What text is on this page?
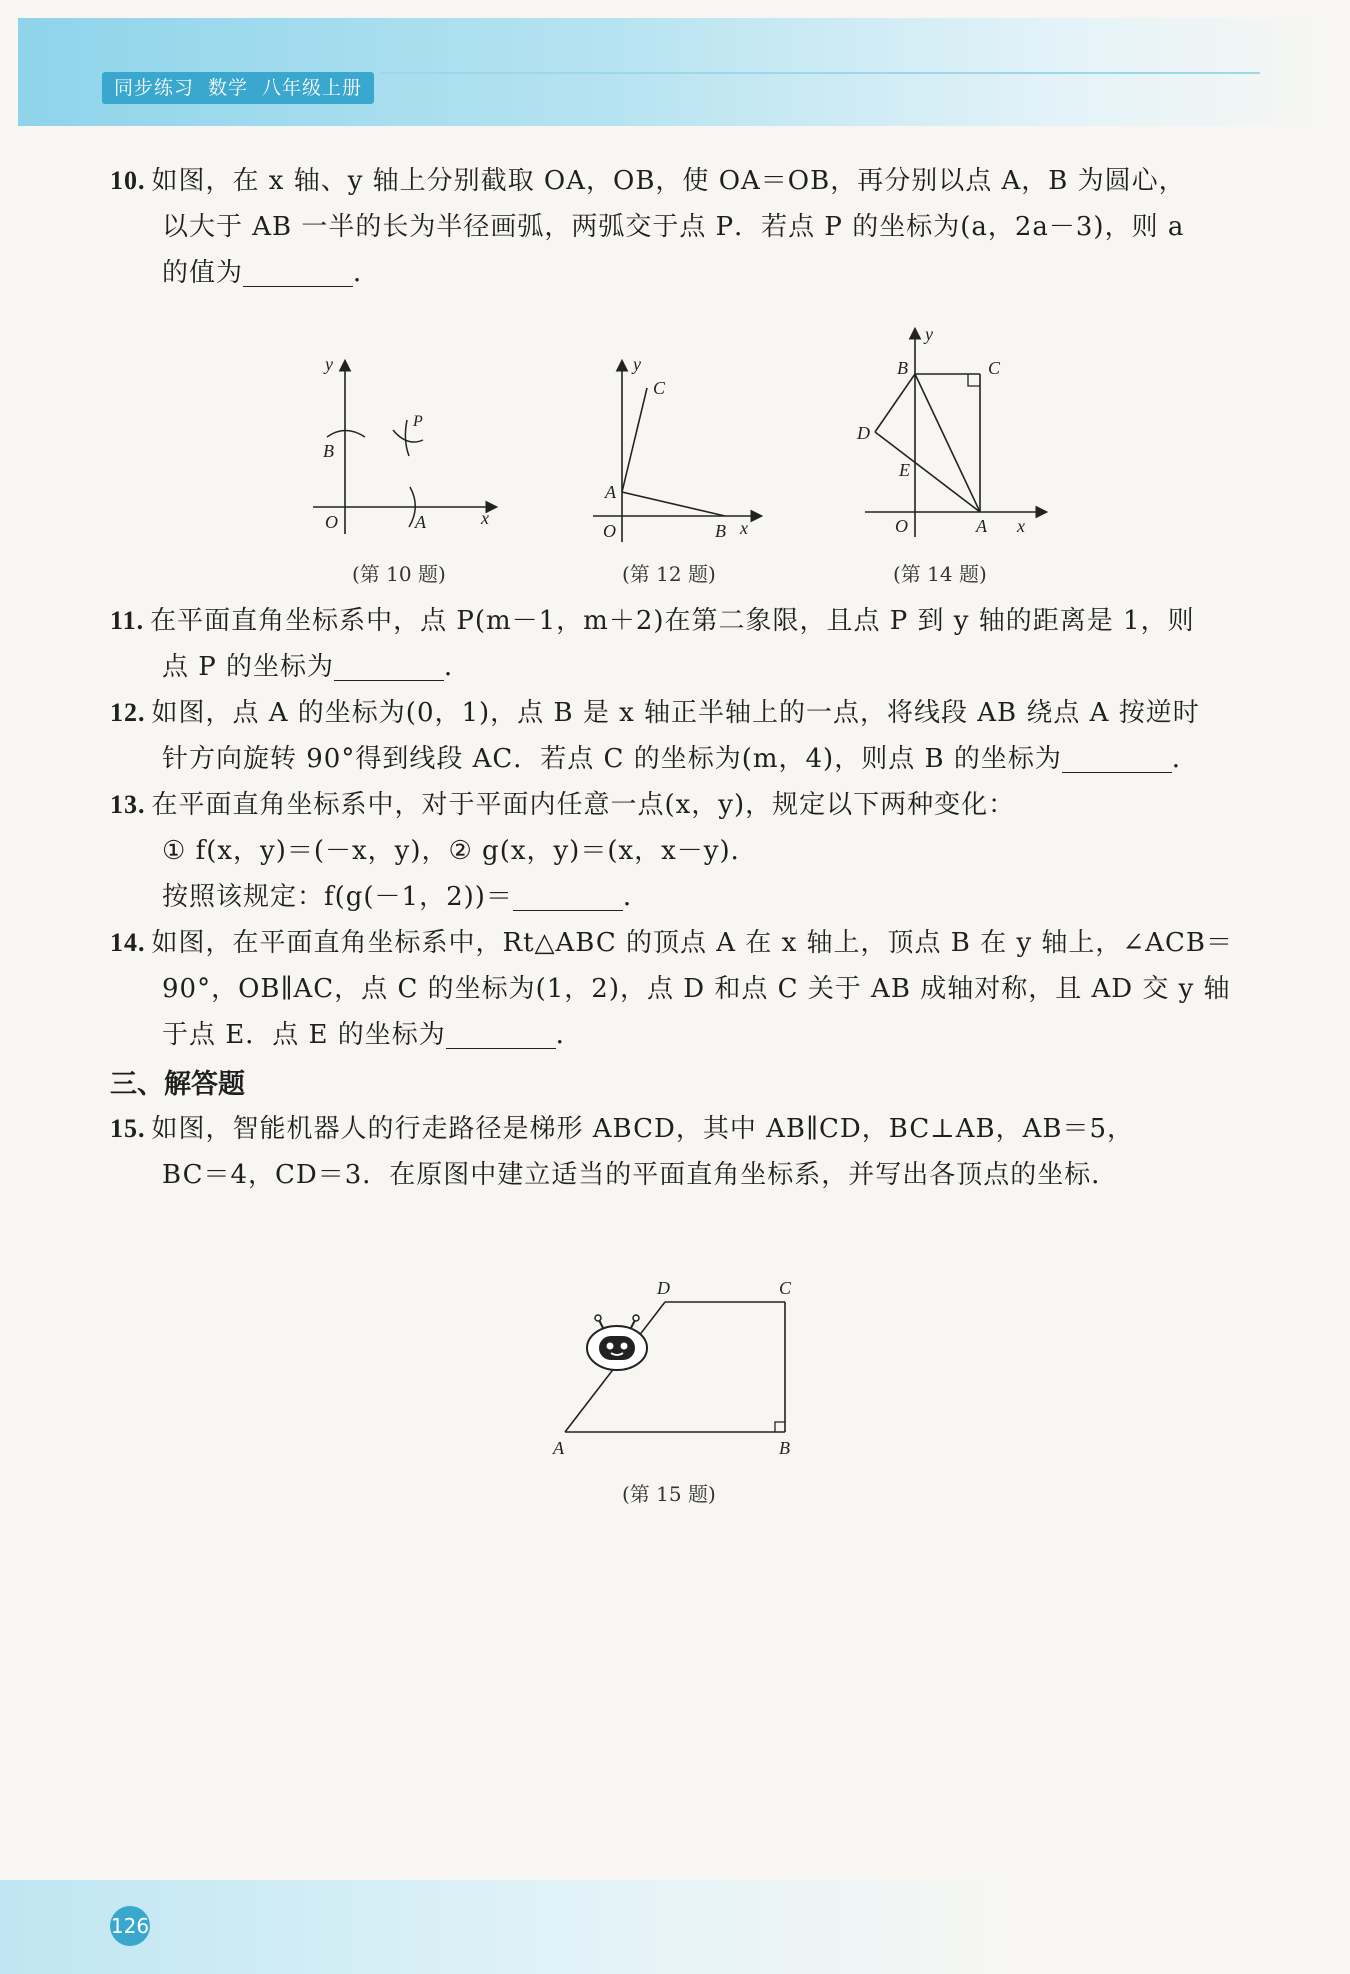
同步练习 数学 八年级上册
10. 如图，在 x 轴、y 轴上分别截取 OA，OB，使 OA＝OB，再分别以点 A，B 为圆心，
以大于 AB 一半的长为半径画弧，两弧交于点 P．若点 P 的坐标为(a，2a－3)，则 a
的值为	．
y
B
P
O	A	x
(第 10 题)
y
C
A
O	B x
(第 12 题)
y
B	C
D
E
O	A x
(第 14 题)
11. 在平面直角坐标系中，点 P(m－1，m＋2)在第二象限，且点 P 到 y 轴的距离是 1，则
点 P 的坐标为	．
12. 如图，点 A 的坐标为(0，1)，点 B 是 x 轴正半轴上的一点，将线段 AB 绕点 A 按逆时
针方向旋转 90°得到线段 AC．若点 C 的坐标为(m，4)，则点 B 的坐标为	．
13. 在平面直角坐标系中，对于平面内任意一点(x，y)，规定以下两种变化：
① f(x，y)＝(－x，y)，② g(x，y)＝(x，x－y)．
按照该规定：f(g(－1，2))＝	．
14. 如图，在平面直角坐标系中，Rt△ABC 的顶点 A 在 x 轴上，顶点 B 在 y 轴上，∠ACB＝
90°，OB∥AC，点 C 的坐标为(1，2)，点 D 和点 C 关于 AB 成轴对称，且 AD 交 y 轴
于点 E．点 E 的坐标为	．
三、解答题
15. 如图，智能机器人的行走路径是梯形 ABCD，其中 AB∥CD，BC⊥AB，AB＝5，
BC＝4，CD＝3．在原图中建立适当的平面直角坐标系，并写出各顶点的坐标．
D	C
A	B
(第 15 题)
126
